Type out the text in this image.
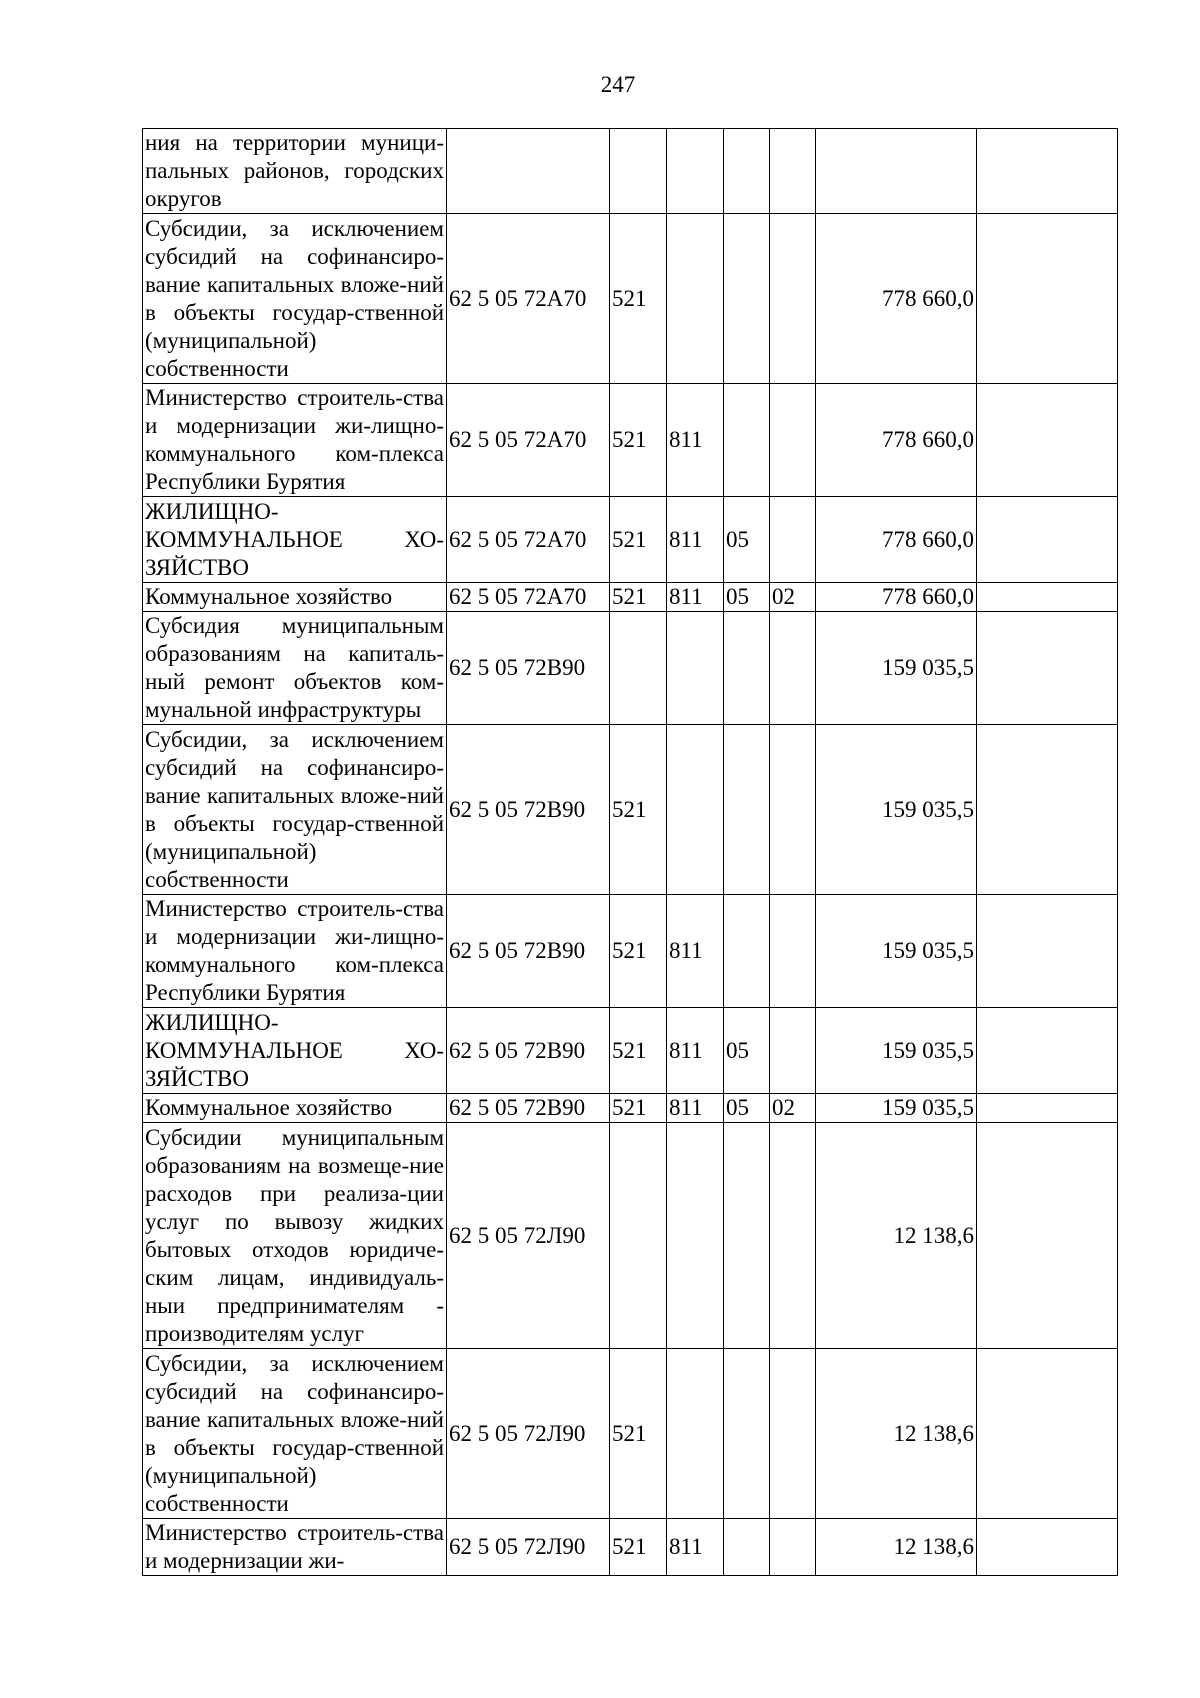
247
ния на территории муници-пальных районов, городских округов							
Субсидии, за исключением субсидий на софинансиро-вание капитальных вложе-ний в объекты государ-ственной (муниципальной) собственности	62 5 05 72А70	521				778 660,0	
Министерство строитель-ства и модернизации жи-лищно-коммунального ком-плекса Республики Бурятия	62 5 05 72А70	521	811			778 660,0	
ЖИЛИЩНО-КОММУНАЛЬНОЕ ХО-ЗЯЙСТВО	62 5 05 72А70	521	811	05		778 660,0	
Коммунальное хозяйство	62 5 05 72А70	521	811	05	02	778 660,0	
Субсидия муниципальным образованиям на капиталь-ный ремонт объектов ком-мунальной инфраструктуры	62 5 05 72В90					159 035,5	
Субсидии, за исключением субсидий на софинансиро-вание капитальных вложе-ний в объекты государ-ственной (муниципальной) собственности	62 5 05 72В90	521				159 035,5	
Министерство строитель-ства и модернизации жи-лищно-коммунального ком-плекса Республики Бурятия	62 5 05 72В90	521	811			159 035,5	
ЖИЛИЩНО-КОММУНАЛЬНОЕ ХО-ЗЯЙСТВО	62 5 05 72В90	521	811	05		159 035,5	
Коммунальное хозяйство	62 5 05 72В90	521	811	05	02	159 035,5	
Субсидии муниципальным образованиям на возмеще-ние расходов при реализа-ции услуг по вывозу жидких бытовых отходов юридиче-ским лицам, индивидуаль-ныи предпринимателям - производителям услуг	62 5 05 72Л90					12 138,6	
Субсидии, за исключением субсидий на софинансиро-вание капитальных вложе-ний в объекты государ-ственной (муниципальной) собственности	62 5 05 72Л90	521				12 138,6	
Министерство строитель-ства и модернизации жи-	62 5 05 72Л90	521	811			12 138,6	
